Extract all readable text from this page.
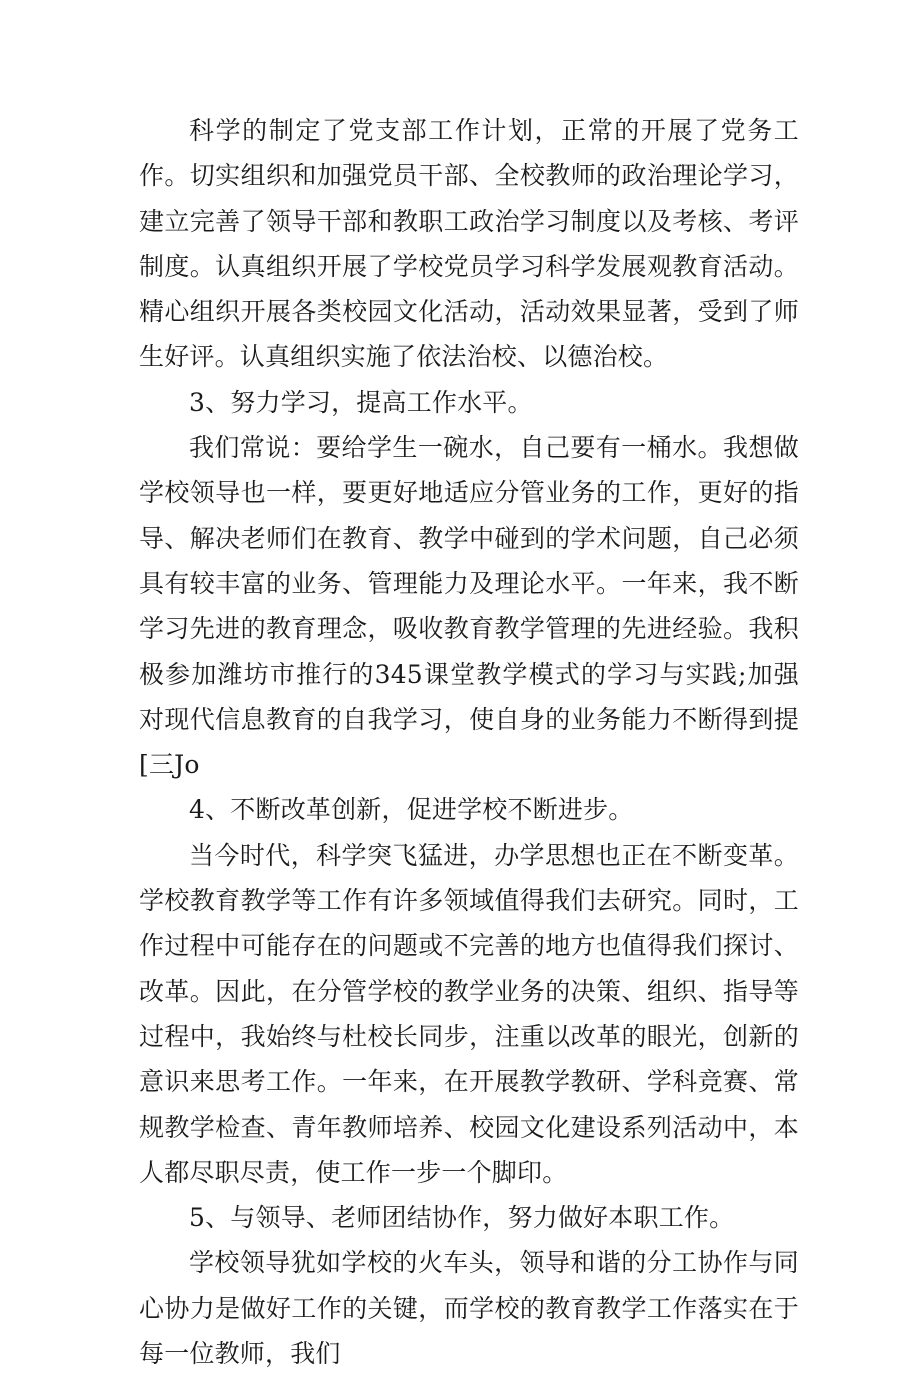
科学的制定了党支部工作计划，正常的开展了党务工作。切实组织和加强党员干部、全校教师的政治理论学习，建立完善了领导干部和教职工政治学习制度以及考核、考评制度。认真组织开展了学校党员学习科学发展观教育活动。精心组织开展各类校园文化活动，活动效果显著，受到了师生好评。认真组织实施了依法治校、以德治校。

3、努力学习，提高工作水平。

我们常说：要给学生一碗水，自己要有一桶水。我想做学校领导也一样，要更好地适应分管业务的工作，更好的指导、解决老师们在教育、教学中碰到的学术问题，自己必须具有较丰富的业务、管理能力及理论水平。一年来，我不断学习先进的教育理念，吸收教育教学管理的先进经验。我积极参加潍坊市推行的345课堂教学模式的学习与实践;加强对现代信息教育的自我学习，使自身的业务能力不断得到提[三Jo

4、不断改革创新，促进学校不断进步。

当今时代，科学突飞猛进，办学思想也正在不断变革。学校教育教学等工作有许多领域值得我们去研究。同时，工作过程中可能存在的问题或不完善的地方也值得我们探讨、改革。因此，在分管学校的教学业务的决策、组织、指导等过程中，我始终与杜校长同步，注重以改革的眼光，创新的意识来思考工作。一年来，在开展教学教研、学科竞赛、常规教学检查、青年教师培养、校园文化建设系列活动中，本人都尽职尽责，使工作一步一个脚印。

5、与领导、老师团结协作，努力做好本职工作。

学校领导犹如学校的火车头，领导和谐的分工协作与同心协力是做好工作的关键，而学校的教育教学工作落实在于每一位教师，我们
